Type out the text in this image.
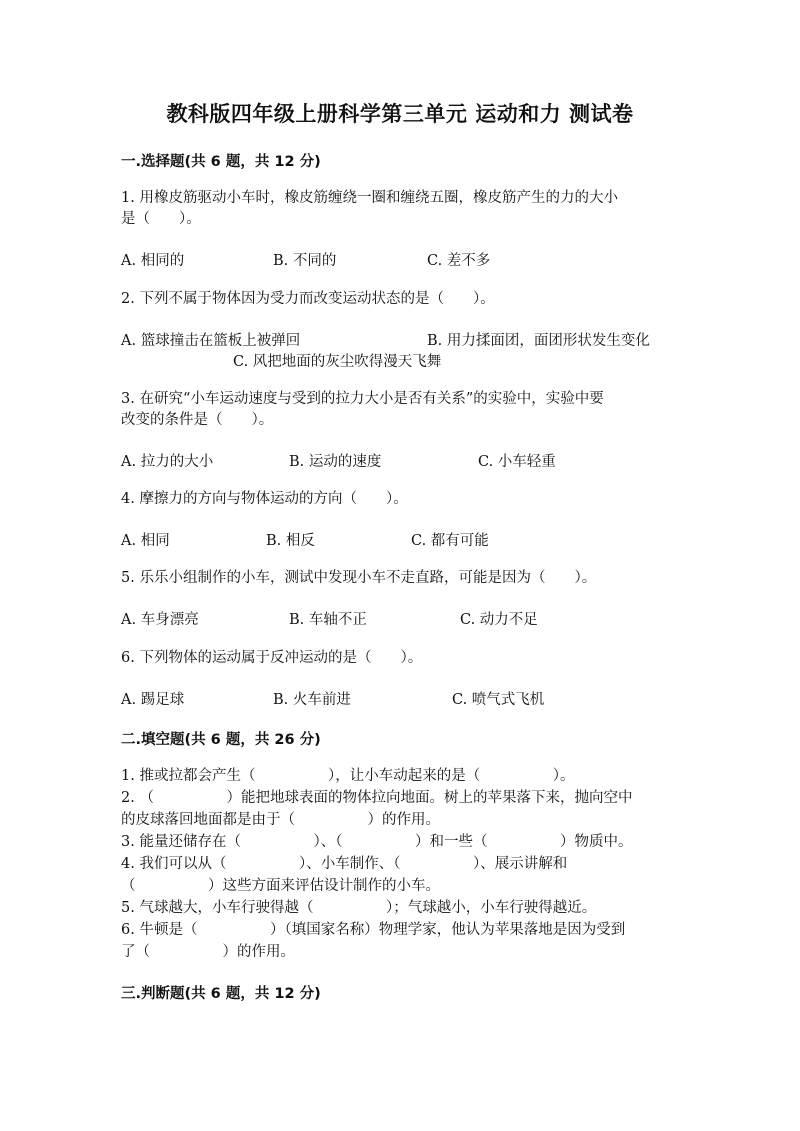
教科版四年级上册科学第三单元 运动和力 测试卷
一.选择题(共 6 题，共 12 分)
1. 用橡皮筋驱动小车时，橡皮筋缠绕一圈和缠绕五圈，橡皮筋产生的力的大小
是（　　）。
A. 相同的	B. 不同的	C. 差不多
2. 下列不属于物体因为受力而改变运动状态的是（　　）。
A. 篮球撞击在篮板上被弹回	B. 用力揉面团，面团形状发生变化
C. 风把地面的灰尘吹得漫天飞舞
3. 在研究“小车运动速度与受到的拉力大小是否有关系”的实验中，实验中要
改变的条件是（　　）。
A. 拉力的大小	B. 运动的速度	C. 小车轻重
4. 摩擦力的方向与物体运动的方向（　　）。
A. 相同	B. 相反	C. 都有可能
5. 乐乐小组制作的小车，测试中发现小车不走直路，可能是因为（　　）。
A. 车身漂亮	B. 车轴不正	C. 动力不足
6. 下列物体的运动属于反冲运动的是（　　）。
A. 踢足球	B. 火车前进	C. 喷气式飞机
二.填空题(共 6 题，共 26 分)
1. 推或拉都会产生（　　　　　），让小车动起来的是（　　　　　）。
2. （　　　　　）能把地球表面的物体拉向地面。树上的苹果落下来，抛向空中
的皮球落回地面都是由于（　　　　　）的作用。
3. 能量还储存在（　　　　　）、（　　　　　）和一些（　　　　　）物质中。
4. 我们可以从（　　　　　）、小车制作、（　　　　　）、展示讲解和
（　　　　　）这些方面来评估设计制作的小车。
5. 气球越大，小车行驶得越（　　　　　）；气球越小，小车行驶得越近。
6. 牛顿是（　　　　　）（填国家名称）物理学家，他认为苹果落地是因为受到
了（　　　　　）的作用。
三.判断题(共 6 题，共 12 分)
